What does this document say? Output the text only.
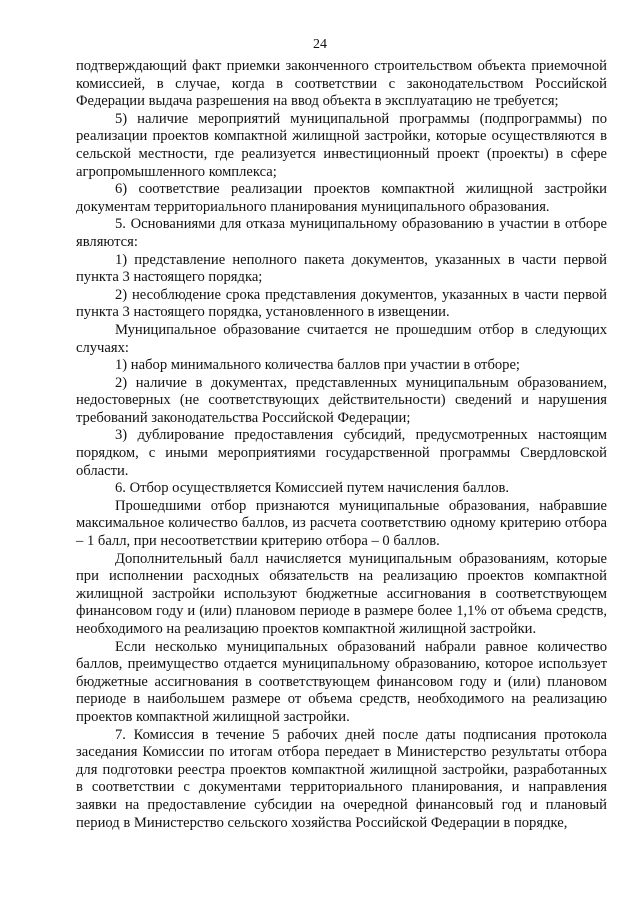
24

подтверждающий факт приемки законченного строительством объекта приемочной комиссией, в случае, когда в соответствии с законодательством Российской Федерации выдача разрешения на ввод объекта в эксплуатацию не требуется;

5) наличие мероприятий муниципальной программы (подпрограммы) по реализации проектов компактной жилищной застройки, которые осуществляются в сельской местности, где реализуется инвестиционный проект (проекты) в сфере агропромышленного комплекса;

6) соответствие реализации проектов компактной жилищной застройки документам территориального планирования муниципального образования.

5. Основаниями для отказа муниципальному образованию в участии в отборе являются:

1) представление неполного пакета документов, указанных в части первой пункта 3 настоящего порядка;

2) несоблюдение срока представления документов, указанных в части первой пункта 3 настоящего порядка, установленного в извещении.

Муниципальное образование считается не прошедшим отбор в следующих случаях:

1) набор минимального количества баллов при участии в отборе;

2) наличие в документах, представленных муниципальным образованием, недостоверных (не соответствующих действительности) сведений и нарушения требований законодательства Российской Федерации;

3) дублирование предоставления субсидий, предусмотренных настоящим порядком, с иными мероприятиями государственной программы Свердловской области.

6. Отбор осуществляется Комиссией путем начисления баллов.

Прошедшими отбор признаются муниципальные образования, набравшие максимальное количество баллов, из расчета соответствию одному критерию отбора – 1 балл, при несоответствии критерию отбора – 0 баллов.

Дополнительный балл начисляется муниципальным образованиям, которые при исполнении расходных обязательств на реализацию проектов компактной жилищной застройки используют бюджетные ассигнования в соответствующем финансовом году и (или) плановом периоде в размере более 1,1% от объема средств, необходимого на реализацию проектов компактной жилищной застройки.

Если несколько муниципальных образований набрали равное количество баллов, преимущество отдается муниципальному образованию, которое использует бюджетные ассигнования в соответствующем финансовом году и (или) плановом периоде в наибольшем размере от объема средств, необходимого на реализацию проектов компактной жилищной застройки.

7. Комиссия в течение 5 рабочих дней после даты подписания протокола заседания Комиссии по итогам отбора передает в Министерство результаты отбора для подготовки реестра проектов компактной жилищной застройки, разработанных в соответствии с документами территориального планирования, и направления заявки на предоставление субсидии на очередной финансовый год и плановый период в Министерство сельского хозяйства Российской Федерации в порядке,
